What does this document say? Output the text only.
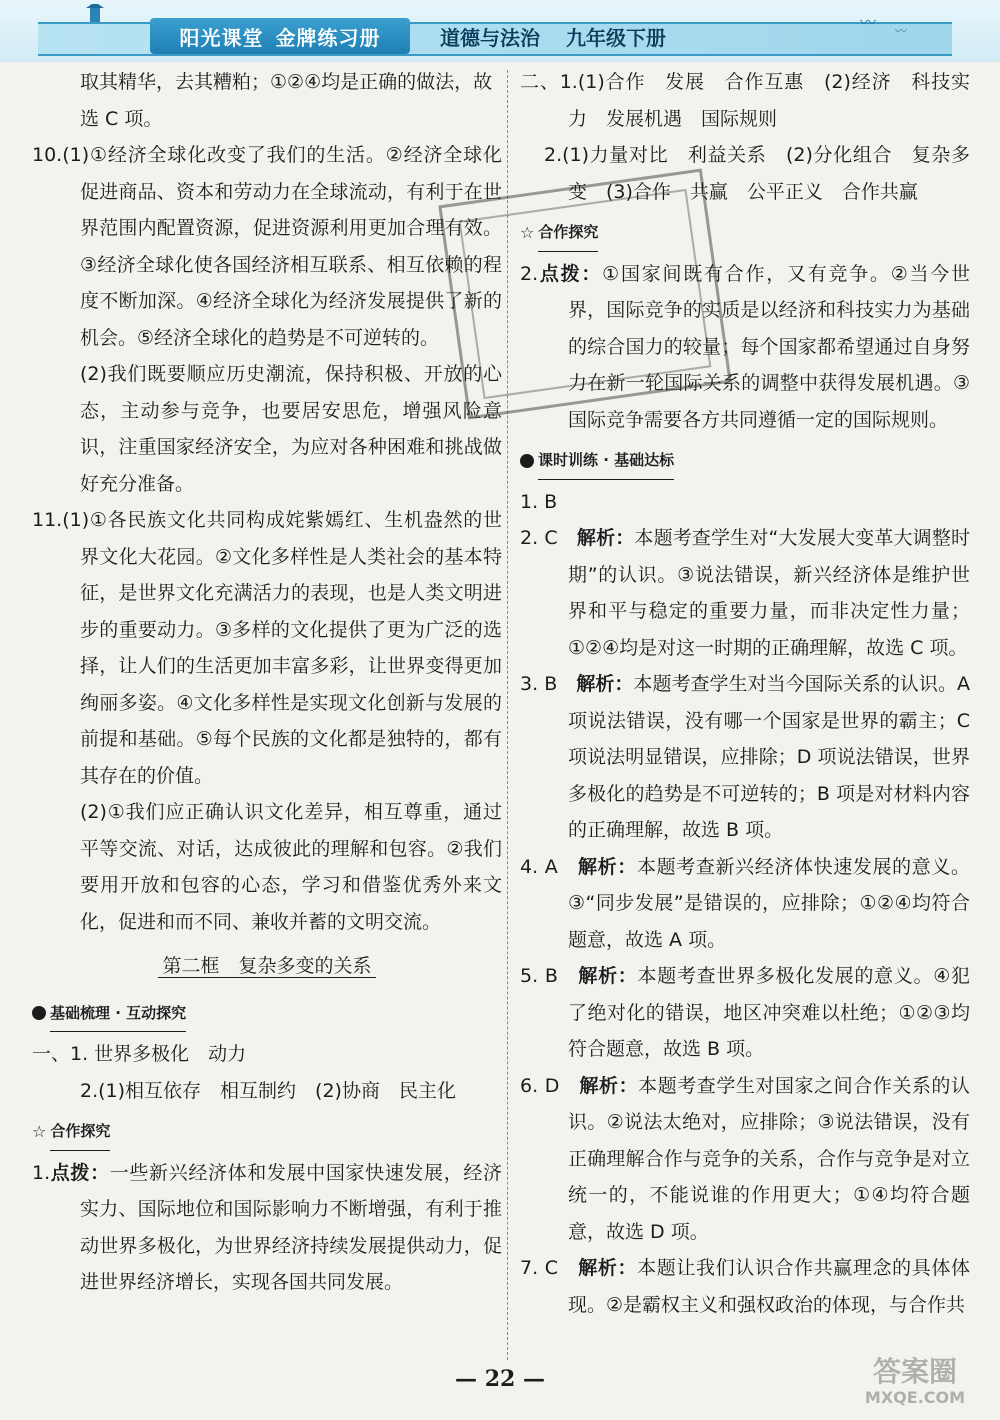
阳光课堂 金牌练习册	道德与法治 九年级下册
〰 〰

取其精华，去其糟粕；①②④均是正确的做法，故

选 C 项。

10.(1)①经济全球化改变了我们的生活。②经济全球化促进商品、资本和劳动力在全球流动，有利于在世界范围内配置资源，促进资源利用更加合理有效。③经济全球化使各国经济相互联系、相互依赖的程度不断加深。④经济全球化为经济发展提供了新的机会。⑤经济全球化的趋势是不可逆转的。

(2)我们既要顺应历史潮流，保持积极、开放的心态，主动参与竞争，也要居安思危，增强风险意识，注重国家经济安全，为应对各种困难和挑战做好充分准备。

11.(1)①各民族文化共同构成姹紫嫣红、生机盎然的世界文化大花园。②文化多样性是人类社会的基本特征，是世界文化充满活力的表现，也是人类文明进步的重要动力。③多样的文化提供了更为广泛的选择，让人们的生活更加丰富多彩，让世界变得更加绚丽多姿。④文化多样性是实现文化创新与发展的前提和基础。⑤每个民族的文化都是独特的，都有其存在的价值。

(2)①我们应正确认识文化差异，相互尊重，通过平等交流、对话，达成彼此的理解和包容。②我们要用开放和包容的心态，学习和借鉴优秀外来文化，促进和而不同、兼收并蓄的文明交流。

第二框　复杂多变的关系
基础梳理 · 互动探究

一、1. 世界多极化　动力

2.(1)相互依存　相互制约　(2)协商　民主化

☆ 合作探究

1.点拨：一些新兴经济体和发展中国家快速发展，经济实力、国际地位和国际影响力不断增强，有利于推动世界多极化，为世界经济持续发展提供动力，促进世界经济增长，实现各国共同发展。

二、1.(1)合作　发展　合作互惠　(2)经济　科技实力　发展机遇　国际规则

2.(1)力量对比　利益关系　(2)分化组合　复杂多变　(3)合作　共赢　公平正义　合作共赢

☆ 合作探究

2.点拨：①国家间既有合作，又有竞争。②当今世界，国际竞争的实质是以经济和科技实力为基础的综合国力的较量；每个国家都希望通过自身努力在新一轮国际关系的调整中获得发展机遇。③国际竞争需要各方共同遵循一定的国际规则。

课时训练 · 基础达标

1. B

2. C　解析：本题考查学生对“大发展大变革大调整时期”的认识。③说法错误，新兴经济体是维护世界和平与稳定的重要力量，而非决定性力量；①②④均是对这一时期的正确理解，故选 C 项。

3. B　解析：本题考查学生对当今国际关系的认识。A 项说法错误，没有哪一个国家是世界的霸主；C 项说法明显错误，应排除；D 项说法错误，世界多极化的趋势是不可逆转的；B 项是对材料内容的正确理解，故选 B 项。

4. A　解析：本题考查新兴经济体快速发展的意义。③“同步发展”是错误的，应排除；①②④均符合题意，故选 A 项。

5. B　解析：本题考查世界多极化发展的意义。④犯了绝对化的错误，地区冲突难以杜绝；①②③均符合题意，故选 B 项。

6. D　解析：本题考查学生对国家之间合作关系的认识。②说法太绝对，应排除；③说法错误，没有正确理解合作与竞争的关系，合作与竞争是对立统一的，不能说谁的作用更大；①④均符合题意，故选 D 项。

7. C　解析：本题让我们认识合作共赢理念的具体体现。②是霸权主义和强权政治的体现，与合作共

— 22 —	答案圈
MXQE.COM
